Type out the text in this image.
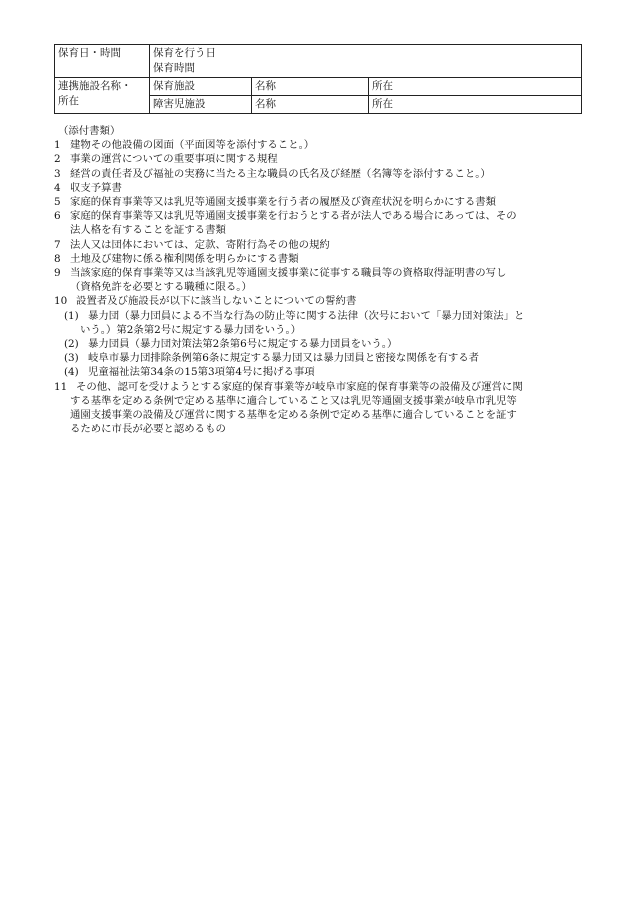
保育日・時間	保育を行う日
保育時間		

連携施設名称・
所在	保育施設	名称	所在
	障害児施設	名称	所在
（添付書類）
1 建物その他設備の図面（平面図等を添付すること。）
2 事業の運営についての重要事項に関する規程
3 経営の責任者及び福祉の実務に当たる主な職員の氏名及び経歴（名簿等を添付すること。）
4 収支予算書
5 家庭的保育事業等又は乳児等通園支援事業を行う者の履歴及び資産状況を明らかにする書類
6 家庭的保育事業等又は乳児等通園支援事業を行おうとする者が法人である場合にあっては、その
法人格を有することを証する書類
7 法人又は団体においては、定款、寄附行為その他の規約
8 土地及び建物に係る権利関係を明らかにする書類
9 当該家庭的保育事業等又は当該乳児等通園支援事業に従事する職員等の資格取得証明書の写し
（資格免許を必要とする職種に限る。）
10 設置者及び施設長が以下に該当しないことについての誓約書
(1) 暴力団（暴力団員による不当な行為の防止等に関する法律（次号において「暴力団対策法」と
いう。）第2条第2号に規定する暴力団をいう。）
(2) 暴力団員（暴力団対策法第2条第6号に規定する暴力団員をいう。）
(3) 岐阜市暴力団排除条例第6条に規定する暴力団又は暴力団員と密接な関係を有する者
(4) 児童福祉法第34条の15第3項第4号に掲げる事項
11 その他、認可を受けようとする家庭的保育事業等が岐阜市家庭的保育事業等の設備及び運営に関
する基準を定める条例で定める基準に適合していること又は乳児等通園支援事業が岐阜市乳児等
通園支援事業の設備及び運営に関する基準を定める条例で定める基準に適合していることを証す
るために市長が必要と認めるもの
